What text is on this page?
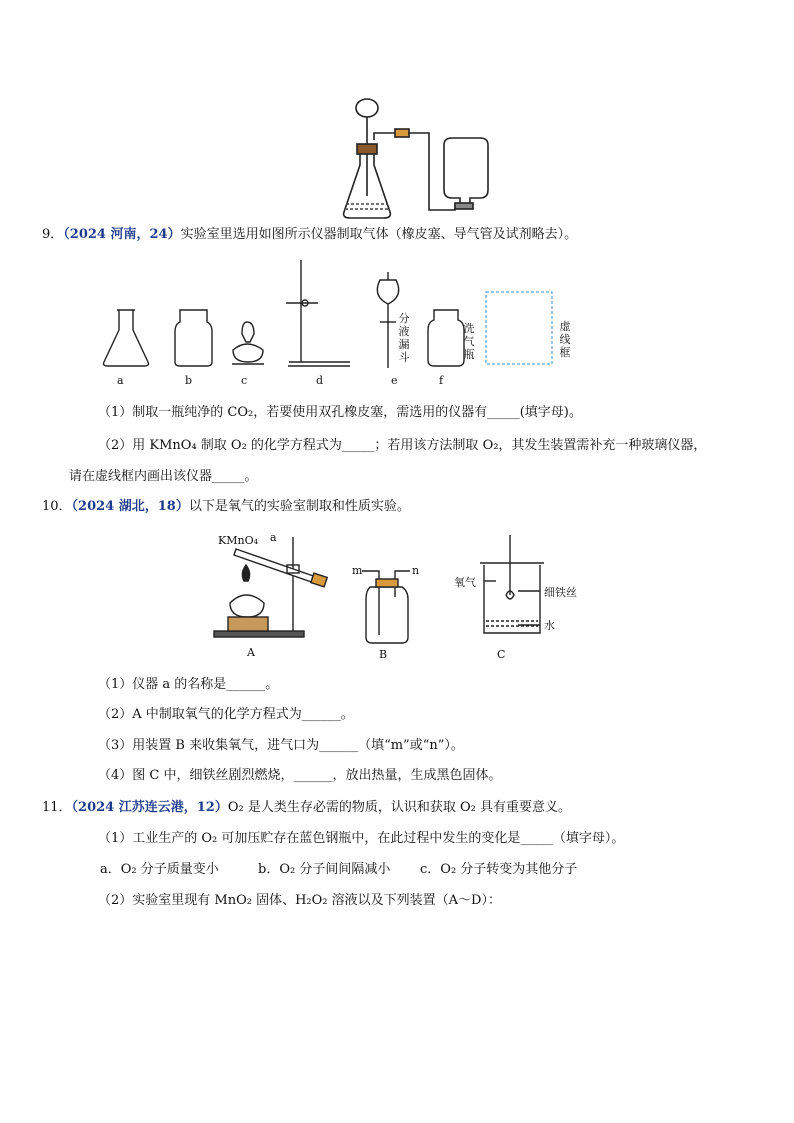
9．（2024 河南，24）实验室里选用如图所示仪器制取气体（橡皮塞、导气管及试剂略去）。
a	b	c	d	e	f
分液漏斗
洗气瓶
虚线框
（1）制取一瓶纯净的 CO₂，若要使用双孔橡皮塞，需选用的仪器有_____(填字母)。
（2）用 KMnO₄ 制取 O₂ 的化学方程式为_____；若用该方法制取 O₂，其发生装置需补充一种玻璃仪器，
请在虚线框内画出该仪器_____。
10．（2024 湖北，18）以下是氧气的实验室制取和性质实验。
KMnO₄ a
m	n
氧气
细铁丝
水
A	B	C
（1）仪器 a 的名称是______。
（2）A 中制取氧气的化学方程式为______。
（3）用装置 B 来收集氧气，进气口为______（填“m”或“n”）。
（4）图 C 中，细铁丝剧烈燃烧，______，放出热量，生成黑色固体。
11．（2024 江苏连云港，12）O₂ 是人类生存必需的物质，认识和获取 O₂ 具有重要意义。
（1）工业生产的 O₂ 可加压贮存在蓝色钢瓶中，在此过程中发生的变化是_____（填字母）。
a．O₂ 分子质量变小	b．O₂ 分子间间隔减小 c．O₂ 分子转变为其他分子
（2）实验室里现有 MnO₂ 固体、H₂O₂ 溶液以及下列装置（A～D）：
